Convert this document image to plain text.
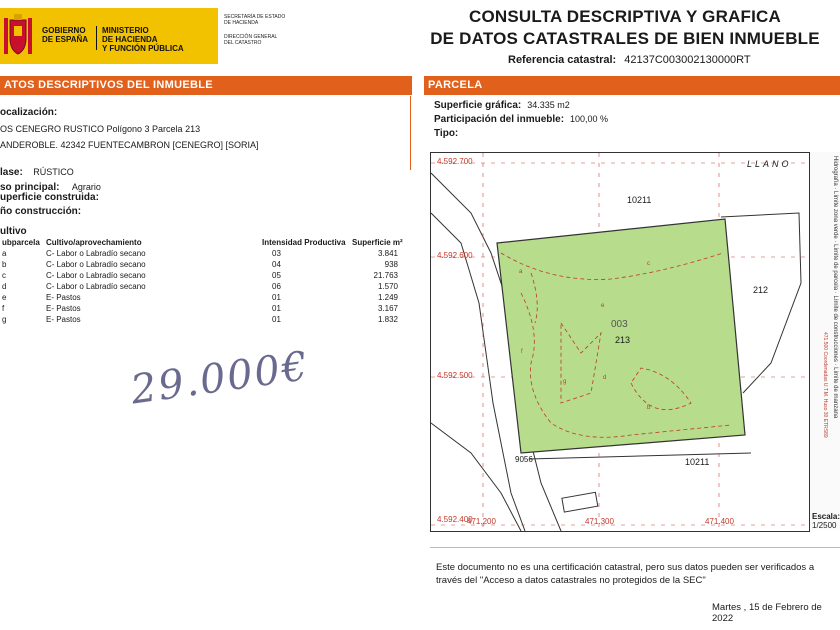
GOBIERNO
DE ESPAÑA
MINISTERIO
DE HACIENDA
Y FUNCIÓN PÚBLICA
SECRETARÍA DE ESTADO
DE HACIENDA
DIRECCIÓN GENERAL
DEL CATASTRO
CONSULTA DESCRIPTIVA Y GRAFICA
DE DATOS CATASTRALES DE BIEN INMUEBLE
Referencia catastral: 42137C003002130000RT
ATOS DESCRIPTIVOS DEL INMUEBLE	PARCELA
ocalización:
OS CENEGRO RUSTICO Polígono 3 Parcela 213
ANDEROBLE. 42342 FUENTECAMBRON [CENEGRO] [SORIA]
lase: RÚSTICO
so principal: Agrario
uperficie construida:
ño construcción:
ultivo
ubparcela Cultivo/aprovechamiento	Intensidad Productiva Superficie m²
a	C- Labor o Labradío secano	03	3.841
b	C- Labor o Labradío secano	04	938
c	C- Labor o Labradío secano	05	21.763
d	C- Labor o Labradío secano	06	1.570
e	E- Pastos	01	1.249
f	E- Pastos	01	3.167
g	E- Pastos	01	1.832
29.000€
Superficie gráfica: 34.335 m2
Participación del inmueble: 100,00 %
Tipo:
LLANO
4.592.700
4.592.600
4.592.500
4.592.400
471.200	471.300	471.400
10211
10211
212
003
213
9056
a
b
c
d
e
f
g
Hidrografía · Límite zona verde · Límite de parcela · Límite de construcciones · Límite de manzana
471.500 Coordenadas U.T.M. Huso 30 ETRS89
Escala:
1/2500
Este documento no es una certificación catastral, pero sus datos pueden ser verificados a
través del "Acceso a datos catastrales no protegidos de la SEC"
Martes , 15 de Febrero de 2022
